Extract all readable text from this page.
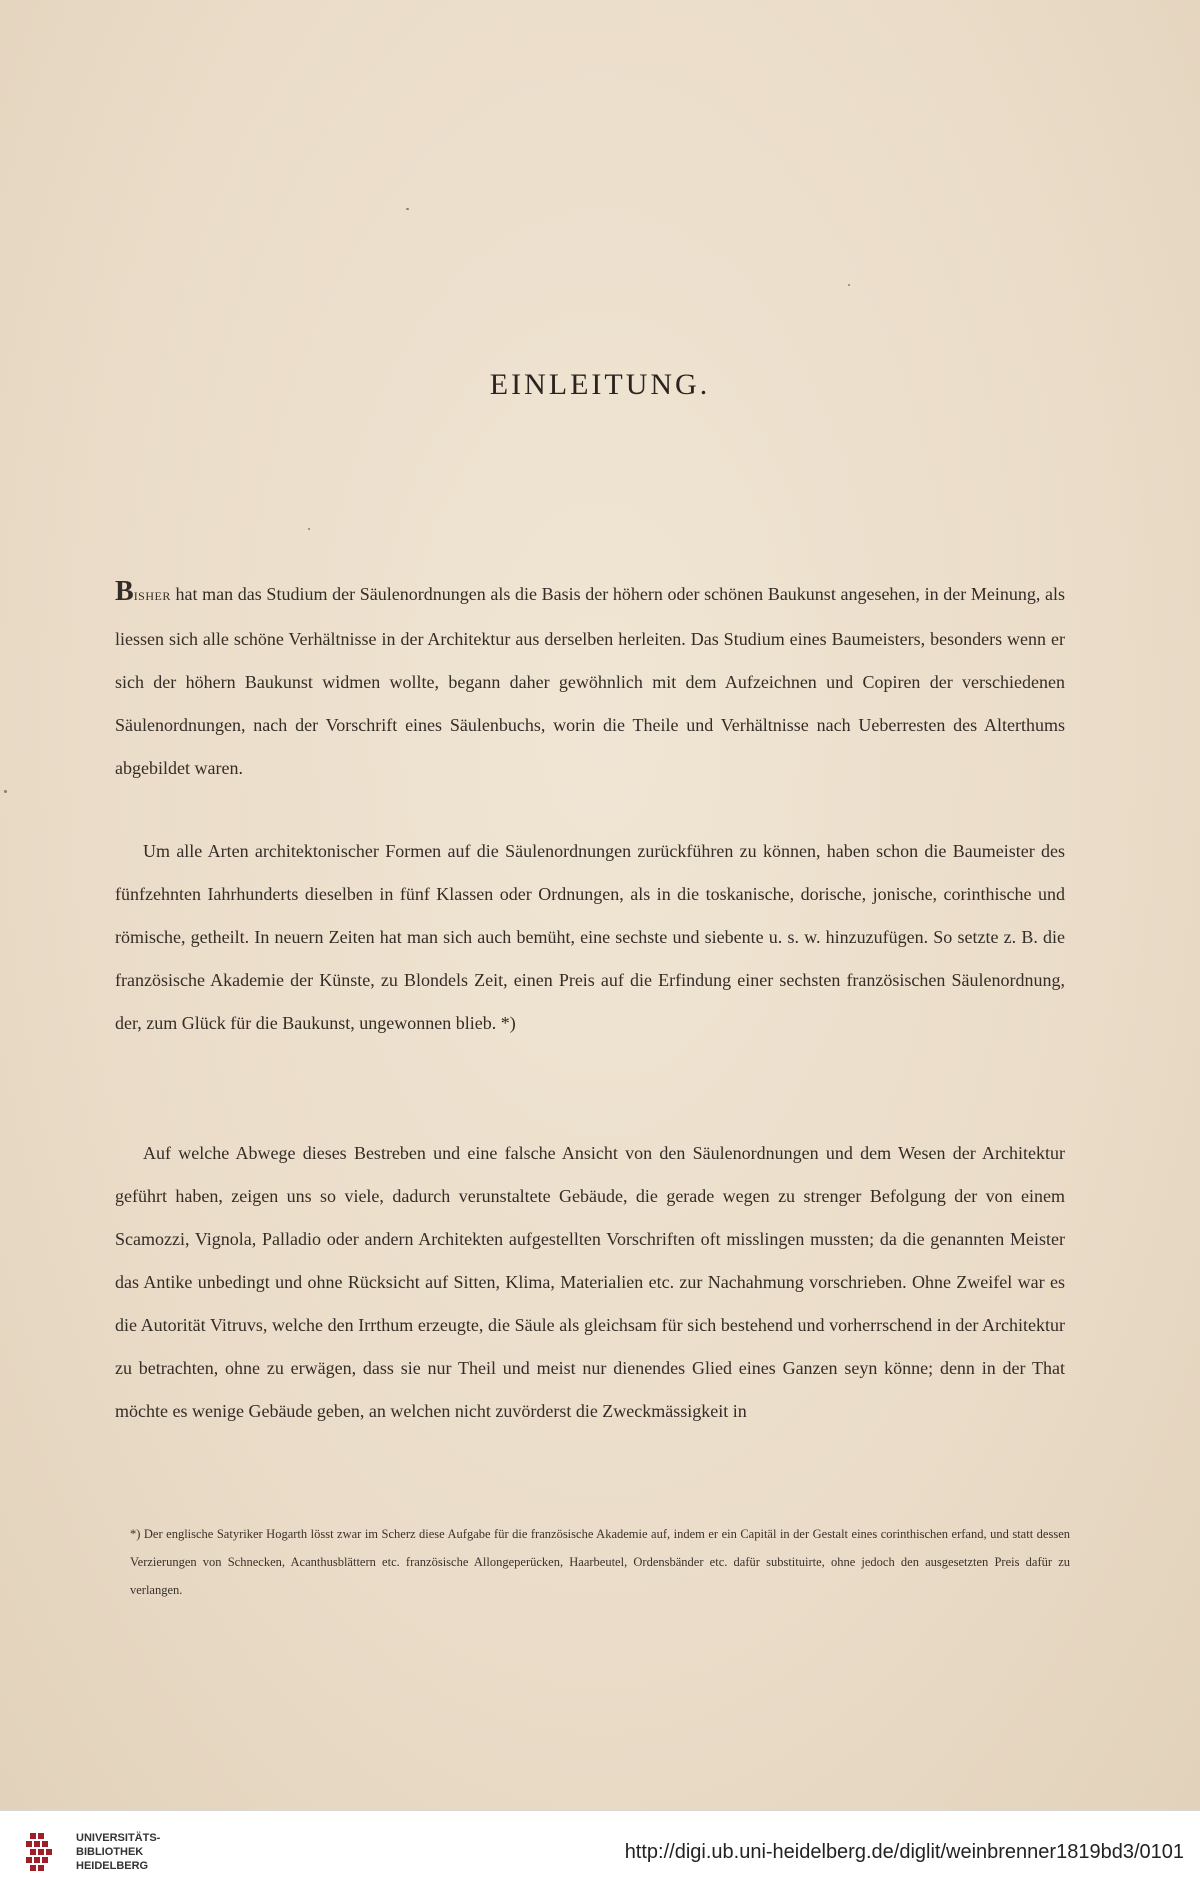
EINLEITUNG.

BISHER hat man das Studium der Säulenordnungen als die Basis der höhern oder schönen Baukunst angesehen, in der Meinung, als liessen sich alle schöne Verhältnisse in der Architektur aus derselben herleiten. Das Studium eines Baumeisters, besonders wenn er sich der höhern Baukunst widmen wollte, begann daher gewöhnlich mit dem Aufzeichnen und Copiren der verschiedenen Säulenordnungen, nach der Vorschrift eines Säulenbuchs, worin die Theile und Verhältnisse nach Ueberresten des Alterthums abgebildet waren.

Um alle Arten architektonischer Formen auf die Säulenordnungen zurückführen zu können, haben schon die Baumeister des fünfzehnten Iahrhunderts dieselben in fünf Klassen oder Ordnungen, als in die toskanische, dorische, jonische, corinthische und römische, getheilt. In neuern Zeiten hat man sich auch bemüht, eine sechste und siebente u. s. w. hinzuzufügen. So setzte z. B. die französische Akademie der Künste, zu Blondels Zeit, einen Preis auf die Erfindung einer sechsten französischen Säulenordnung, der, zum Glück für die Baukunst, ungewonnen blieb. *)

Auf welche Abwege dieses Bestreben und eine falsche Ansicht von den Säulenordnungen und dem Wesen der Architektur geführt haben, zeigen uns so viele, dadurch verunstaltete Gebäude, die gerade wegen zu strenger Befolgung der von einem Scamozzi, Vignola, Palladio oder andern Architekten aufgestellten Vorschriften oft misslingen mussten; da die genannten Meister das Antike unbedingt und ohne Rücksicht auf Sitten, Klima, Materialien etc. zur Nachahmung vorschrieben. Ohne Zweifel war es die Autorität Vitruvs, welche den Irrthum erzeugte, die Säule als gleichsam für sich bestehend und vorherrschend in der Architektur zu betrachten, ohne zu erwägen, dass sie nur Theil und meist nur dienendes Glied eines Ganzen seyn könne; denn in der That möchte es wenige Gebäude geben, an welchen nicht zuvörderst die Zweckmässigkeit in

*) Der englische Satyriker Hogarth lösst zwar im Scherz diese Aufgabe für die französische Akademie auf, indem er ein Capitäl in der Gestalt eines corinthischen erfand, und statt dessen Verzierungen von Schnecken, Acanthusblättern etc. französische Allongeperücken, Haarbeutel, Ordensbänder etc. dafür substituirte, ohne jedoch den ausgesetzten Preis dafür zu verlangen.
UNIVERSITÄTS-
BIBLIOTHEK
HEIDELBERG
http://digi.ub.uni-heidelberg.de/diglit/weinbrenner1819bd3/0101
